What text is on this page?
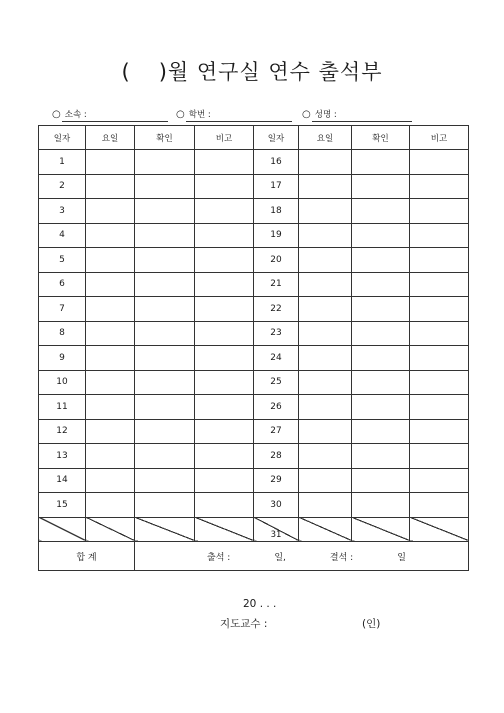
( )월 연구실 연수 출석부
○ 소속 :	○ 학번 :	○ 성명 :
일자	요일	확인	비고	일자	요일	확인	비고
1				16			
2				17			
3				18			
4				19			
5				20			
6				21			
7				22			
8				23			
9				24			
10				25			
11				26			
12				27			
13				28			
14				29			
15				30			
				31			
합 계		출석 : 일, 결석 : 일					
20 . . .
지도교수 :	(인)
